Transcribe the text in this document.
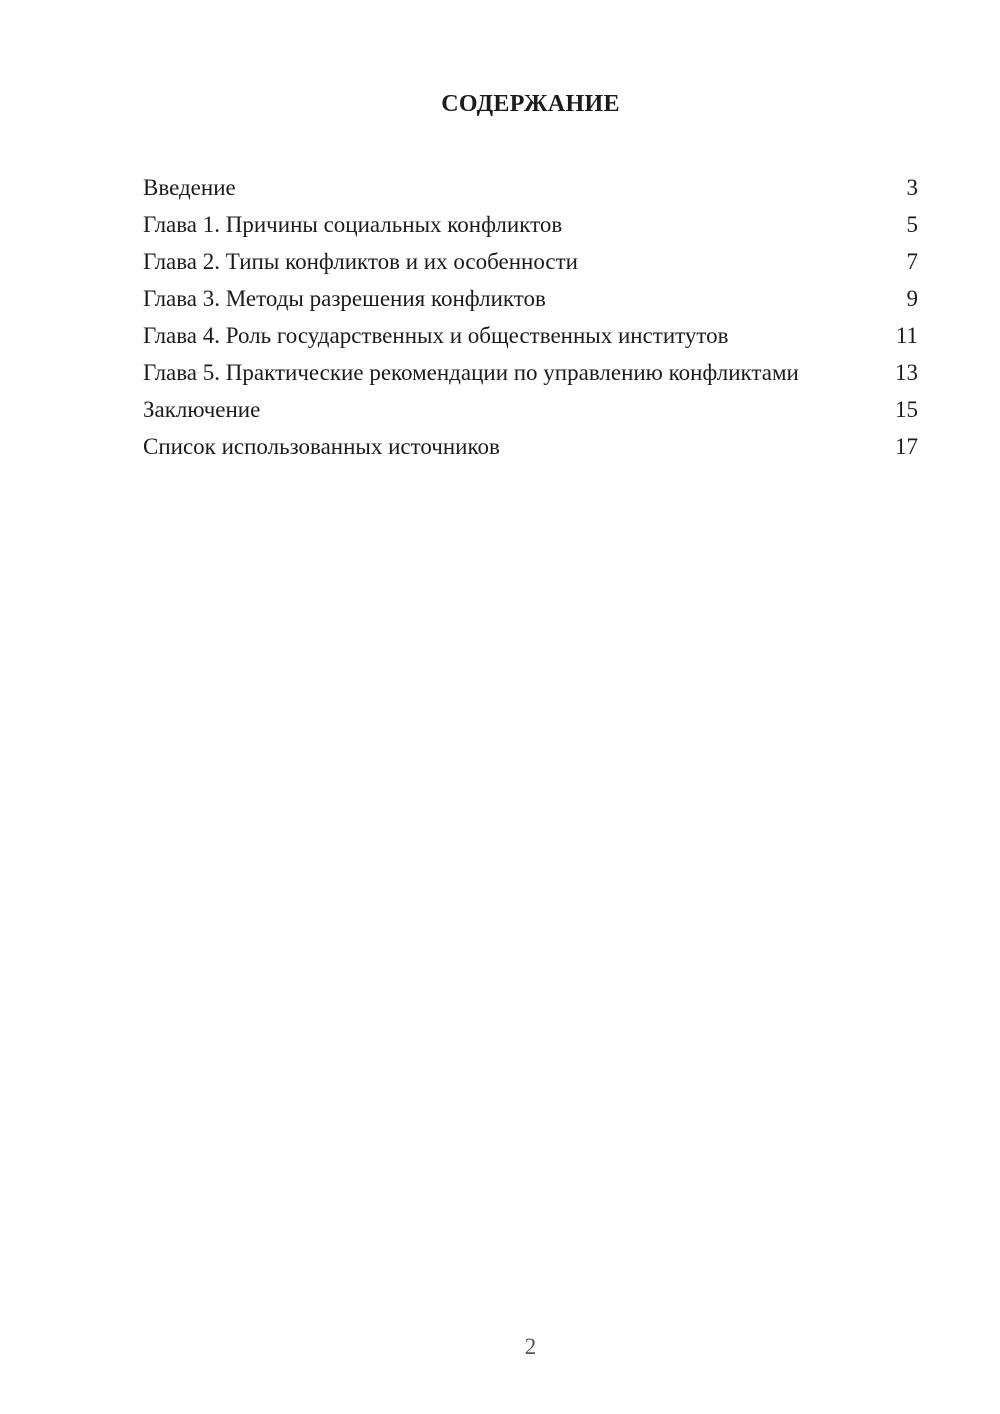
СОДЕРЖАНИЕ
Введение	3
Глава 1. Причины социальных конфликтов	5
Глава 2. Типы конфликтов и их особенности	7
Глава 3. Методы разрешения конфликтов	9
Глава 4. Роль государственных и общественных институтов	11
Глава 5. Практические рекомендации по управлению конфликтами	13
Заключение	15
Список использованных источников	17
2
